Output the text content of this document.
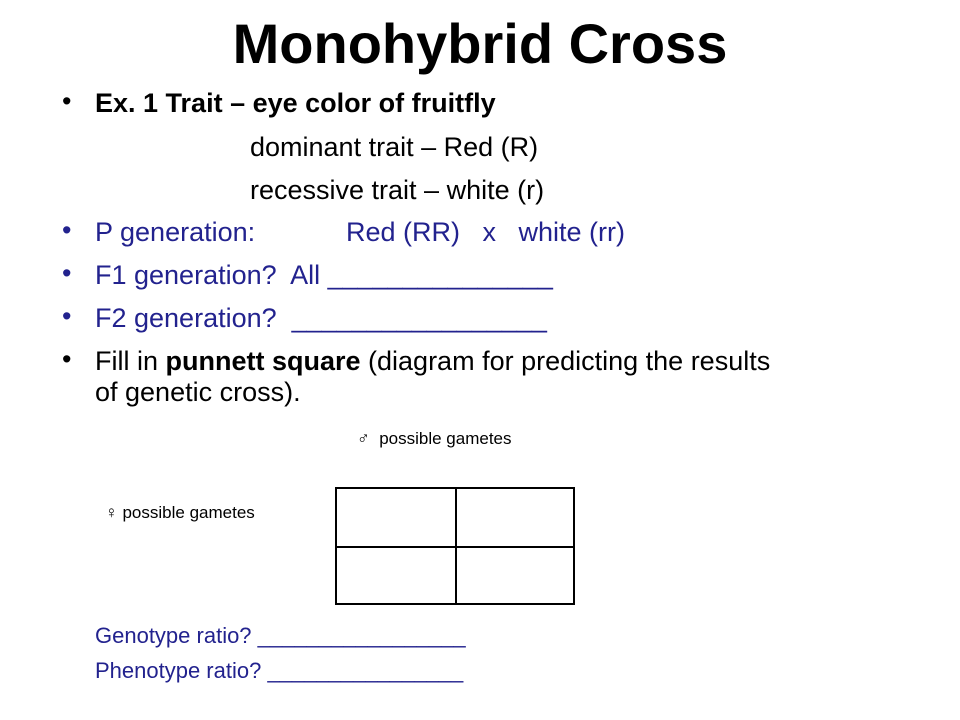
Monohybrid Cross
• Ex. 1 Trait – eye color of fruitfly
dominant trait – Red (R)
recessive trait – white (r)
• P generation:	Red (RR)   x   white (rr)
• F1 generation?  All _______________
• F2 generation?  _________________
• Fill in punnett square (diagram for predicting the results
of genetic cross).
♂  possible gametes
♀ possible gametes
Genotype ratio? _________________
Phenotype ratio? ________________
